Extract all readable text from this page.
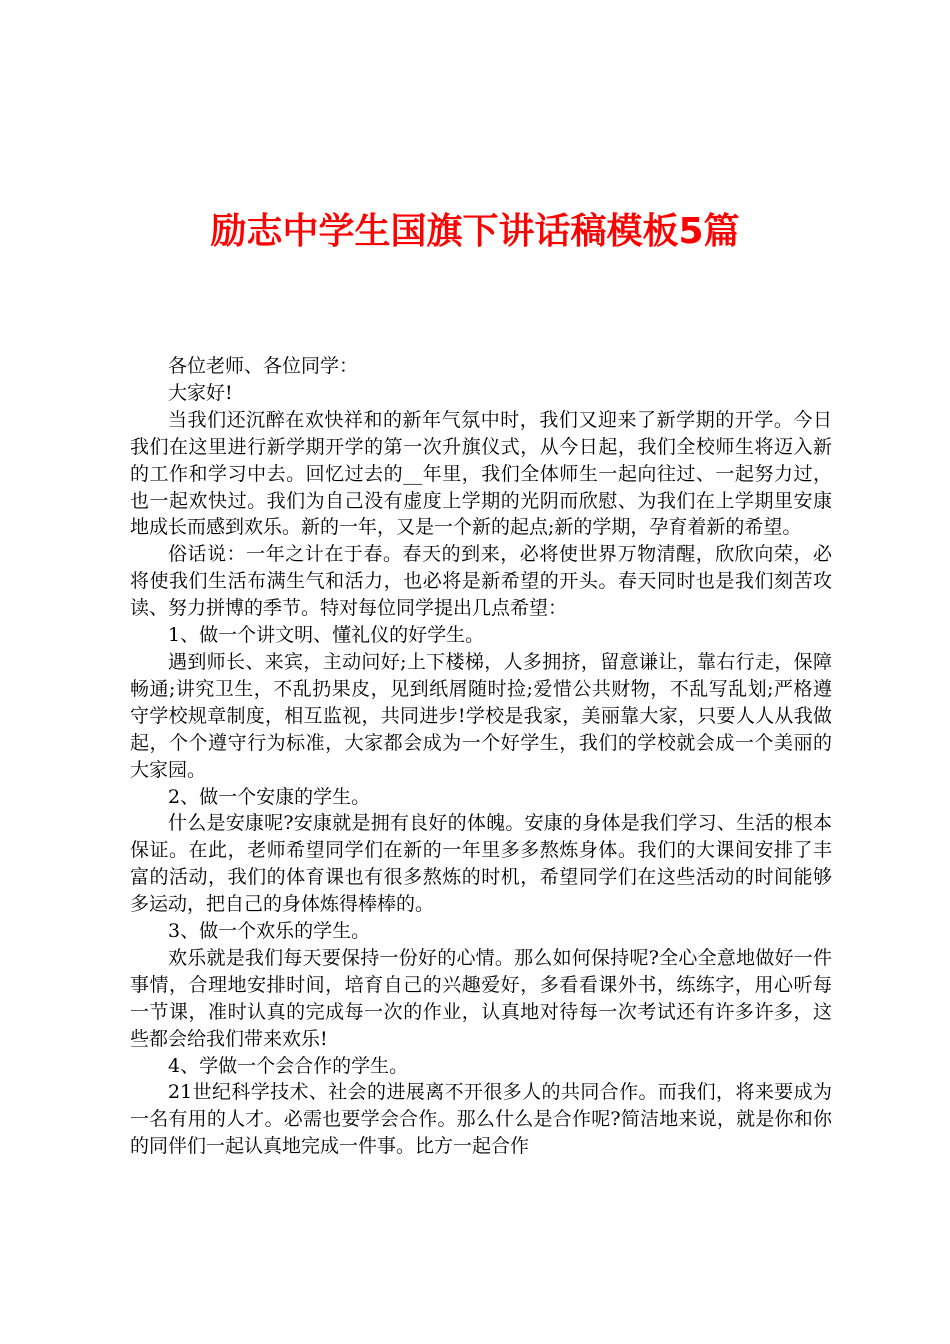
励志中学生国旗下讲话稿模板5篇

各位老师、各位同学：

大家好!

当我们还沉醉在欢快祥和的新年气氛中时，我们又迎来了新学期的开学。今日我们在这里进行新学期开学的第一次升旗仪式，从今日起，我们全校师生将迈入新的工作和学习中去。回忆过去的__年里，我们全体师生一起向往过、一起努力过，也一起欢快过。我们为自己没有虚度上学期的光阴而欣慰、为我们在上学期里安康地成长而感到欢乐。新的一年，又是一个新的起点;新的学期，孕育着新的希望。

俗话说：一年之计在于春。春天的到来，必将使世界万物清醒，欣欣向荣，必将使我们生活布满生气和活力，也必将是新希望的开头。春天同时也是我们刻苦攻读、努力拼博的季节。特对每位同学提出几点希望：

1、做一个讲文明、懂礼仪的好学生。

遇到师长、来宾，主动问好;上下楼梯，人多拥挤，留意谦让，靠右行走，保障畅通;讲究卫生，不乱扔果皮，见到纸屑随时捡;爱惜公共财物，不乱写乱划;严格遵守学校规章制度，相互监视，共同进步!学校是我家，美丽靠大家，只要人人从我做起，个个遵守行为标准，大家都会成为一个好学生，我们的学校就会成一个美丽的大家园。

2、做一个安康的学生。

什么是安康呢?安康就是拥有良好的体魄。安康的身体是我们学习、生活的根本保证。在此，老师希望同学们在新的一年里多多熬炼身体。我们的大课间安排了丰富的活动，我们的体育课也有很多熬炼的时机，希望同学们在这些活动的时间能够多运动，把自己的身体炼得棒棒的。

3、做一个欢乐的学生。

欢乐就是我们每天要保持一份好的心情。那么如何保持呢?全心全意地做好一件事情，合理地安排时间，培育自己的兴趣爱好，多看看课外书，练练字，用心听每一节课，准时认真的完成每一次的作业，认真地对待每一次考试还有许多许多，这些都会给我们带来欢乐!

4、学做一个会合作的学生。

21世纪科学技术、社会的进展离不开很多人的共同合作。而我们，将来要成为一名有用的人才。必需也要学会合作。那么什么是合作呢?简洁地来说，就是你和你的同伴们一起认真地完成一件事。比方一起合作
